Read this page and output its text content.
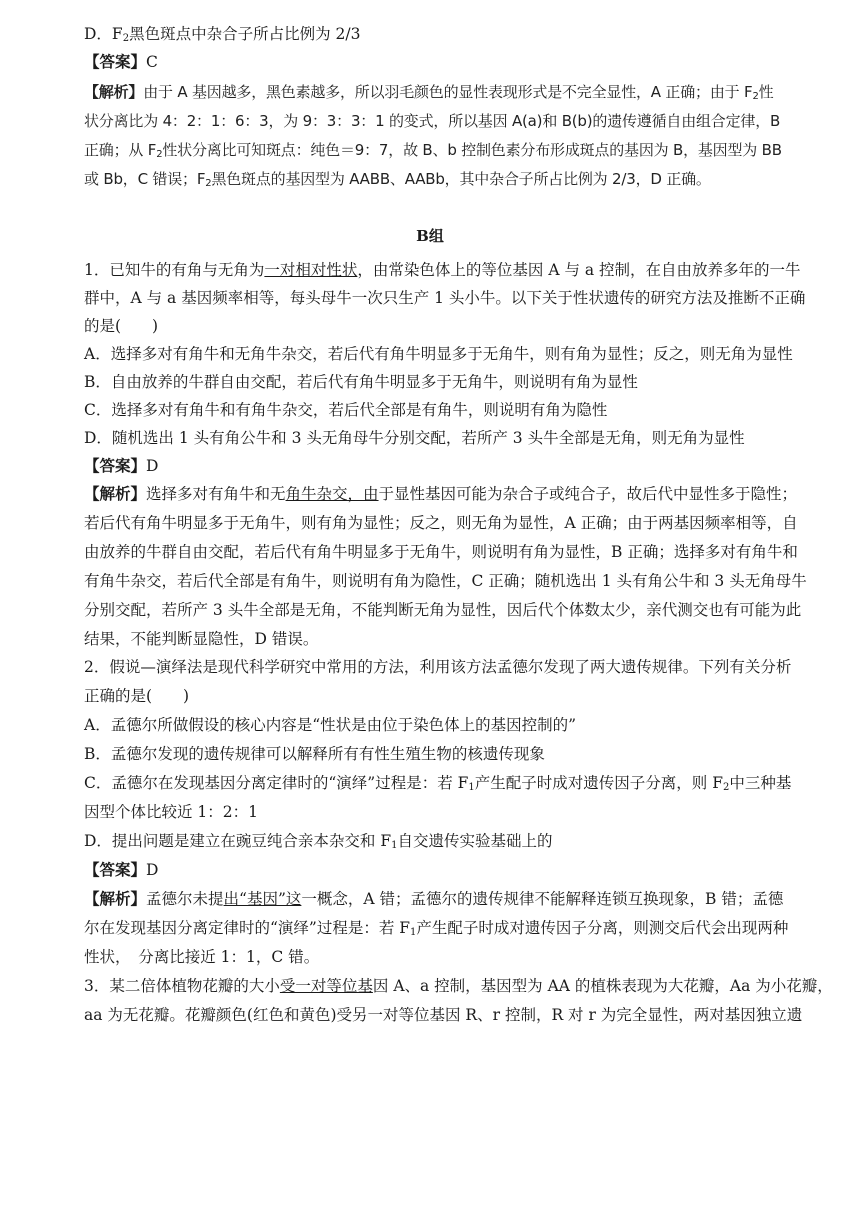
D．$F_2$黑色斑点中杂合子所占比例为 2/3
【答案】C
【解析】由于 A 基因越多，黑色素越多，所以羽毛颜色的显性表现形式是不完全显性，A 正确；由于 $F_2$性
状分离比为 4：2：1：6：3，为 9：3：3：1 的变式，所以基因 A(a)和 B(b)的遗传遵循自由组合定律，B
正确；从 $F_2$性状分离比可知斑点：纯色＝9：7，故 B、b 控制色素分布形成斑点的基因为 B，基因型为 BB
或 Bb，C 错误；$F_2$黑色斑点的基因型为 AABB、AABb，其中杂合子所占比例为 2/3，D 正确。
B组
1．已知牛的有角与无角为一对相对性状，由常染色体上的等位基因 A 与 a 控制，在自由放养多年的一牛
群中，A 与 a 基因频率相等，每头母牛一次只生产 1 头小牛。以下关于性状遗传的研究方法及推断不正确
的是(　　)
A．选择多对有角牛和无角牛杂交，若后代有角牛明显多于无角牛，则有角为显性；反之，则无角为显性
B．自由放养的牛群自由交配，若后代有角牛明显多于无角牛，则说明有角为显性
C．选择多对有角牛和有角牛杂交，若后代全部是有角牛，则说明有角为隐性
D．随机选出 1 头有角公牛和 3 头无角母牛分别交配，若所产 3 头牛全部是无角，则无角为显性
【答案】D
【解析】选择多对有角牛和无角牛杂交，由于显性基因可能为杂合子或纯合子，故后代中显性多于隐性；
若后代有角牛明显多于无角牛，则有角为显性；反之，则无角为显性，A 正确；由于两基因频率相等，自
由放养的牛群自由交配，若后代有角牛明显多于无角牛，则说明有角为显性，B 正确；选择多对有角牛和
有角牛杂交，若后代全部是有角牛，则说明有角为隐性，C 正确；随机选出 1 头有角公牛和 3 头无角母牛
分别交配，若所产 3 头牛全部是无角，不能判断无角为显性，因后代个体数太少，亲代测交也有可能为此
结果，不能判断显隐性，D 错误。
2．假说—演绎法是现代科学研究中常用的方法，利用该方法孟德尔发现了两大遗传规律。下列有关分析
正确的是(　　)
A．孟德尔所做假设的核心内容是“性状是由位于染色体上的基因控制的”
B．孟德尔发现的遗传规律可以解释所有有性生殖生物的核遗传现象
C．孟德尔在发现基因分离定律时的“演绎”过程是：若 $F_1$产生配子时成对遗传因子分离，则 $F_2$中三种基
因型个体比较近 1：2：1
D．提出问题是建立在豌豆纯合亲本杂交和 $F_1$自交遗传实验基础上的
【答案】D
【解析】孟德尔未提出“基因”这一概念，A 错；孟德尔的遗传规律不能解释连锁互换现象，B 错；孟德
尔在发现基因分离定律时的“演绎”过程是：若 $F_1$产生配子时成对遗传因子分离，则测交后代会出现两种
性状，　分离比接近 1：1，C 错。
3．某二倍体植物花瓣的大小受一对等位基因 A、a 控制，基因型为 AA 的植株表现为大花瓣，Aa 为小花瓣，
aa 为无花瓣。花瓣颜色(红色和黄色)受另一对等位基因 R、r 控制，R 对 r 为完全显性，两对基因独立遗
